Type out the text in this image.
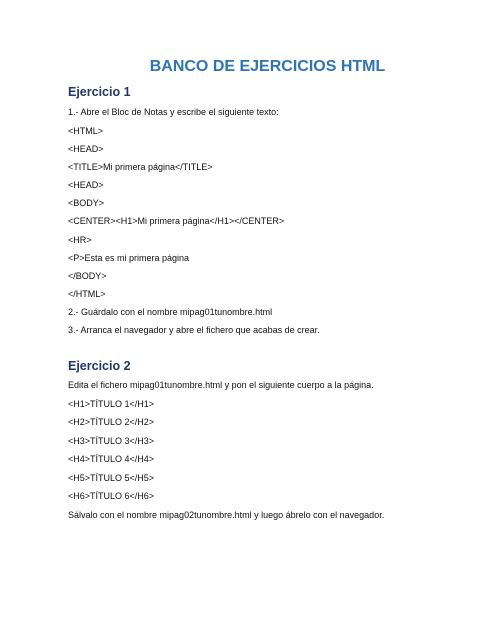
BANCO DE EJERCICIOS HTML
Ejercicio 1
1.- Abre el Bloc de Notas y escribe el siguiente texto:
<HTML>
<HEAD>
<TITLE>Mi primera página</TITLE>
<HEAD>
<BODY>
<CENTER><H1>Mi primera página</H1></CENTER>
<HR>
<P>Esta es mi primera página
</BODY>
</HTML>
2.- Guárdalo con el nombre mipag01tunombre.html
3.- Arranca el navegador y abre el fichero que acabas de crear.
Ejercicio 2
Edita el fichero mipag01tunombre.html y pon el siguiente cuerpo a la página.
<H1>TÍTULO 1</H1>
<H2>TÍTULO 2</H2>
<H3>TÍTULO 3</H3>
<H4>TÍTULO 4</H4>
<H5>TÍTULO 5</H5>
<H6>TÍTULO 6</H6>
Sálvalo con el nombre mipag02tunombre.html y luego ábrelo con el navegador.
